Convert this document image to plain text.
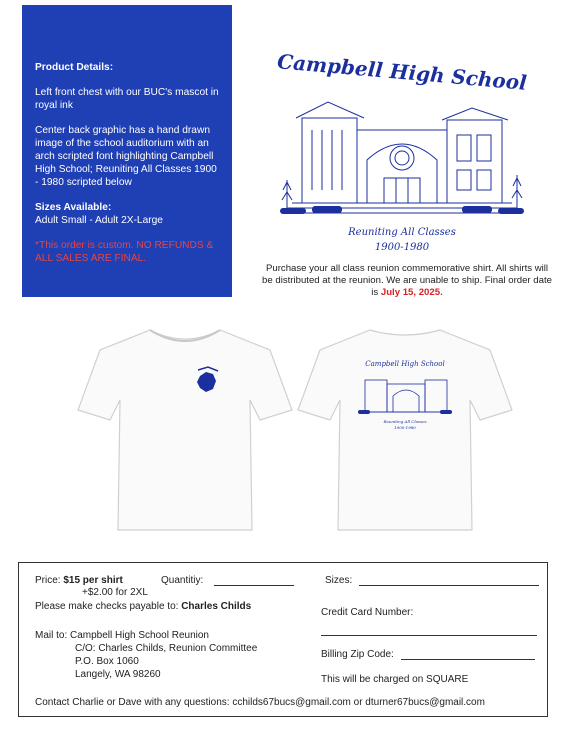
Product Details:

Left front chest with our BUC's mascot in royal ink

Center back graphic has a hand drawn image of the school auditorium with an arch scripted font highlighting Campbell High School; Reuniting All Classes 1900 - 1980 scripted below

Sizes Available:

Adult Small - Adult 2X-Large

*This order is custom. NO REFUNDS & ALL SALES ARE FINAL.

Campbell High School
Reuniting All Classes
1900-1980
Purchase your all class reunion commemorative shirt. All shirts will be distributed at the reunion. We are unable to ship. Final order date is July 15, 2025.
Campbell High School
Reuniting All Classes
1900-1980
Price: $15 per shirt	Quantitiy:	Sizes:
+$2.00 for 2XL
Please make checks payable to: Charles Childs
Credit Card Number:
Mail to: Campbell High School Reunion
C/O: Charles Childs, Reunion Committee
P.O. Box 1060
Langely, WA 98260
Billing Zip Code:
This will be charged on SQUARE
Contact Charlie or Dave with any questions: cchilds67bucs@gmail.com or dturner67bucs@gmail.com
